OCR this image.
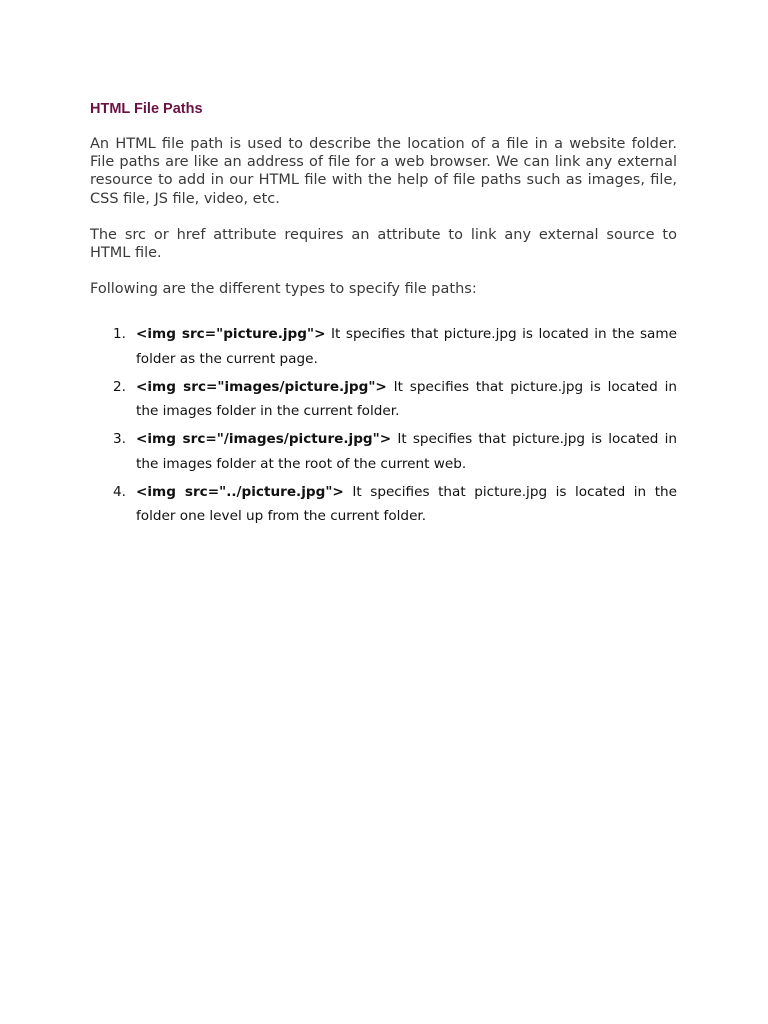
HTML File Paths

An HTML file path is used to describe the location of a file in a website folder. File paths are like an address of file for a web browser. We can link any external resource to add in our HTML file with the help of file paths such as images, file, CSS file, JS file, video, etc.

The src or href attribute requires an attribute to link any external source to HTML file.

Following are the different types to specify file paths:

1. <img src="picture.jpg"> It specifies that picture.jpg is located in the same folder as the current page.
2. <img src="images/picture.jpg"> It specifies that picture.jpg is located in the images folder in the current folder.
3. <img src="/images/picture.jpg"> It specifies that picture.jpg is located in the images folder at the root of the current web.
4. <img src="../picture.jpg"> It specifies that picture.jpg is located in the folder one level up from the current folder.
